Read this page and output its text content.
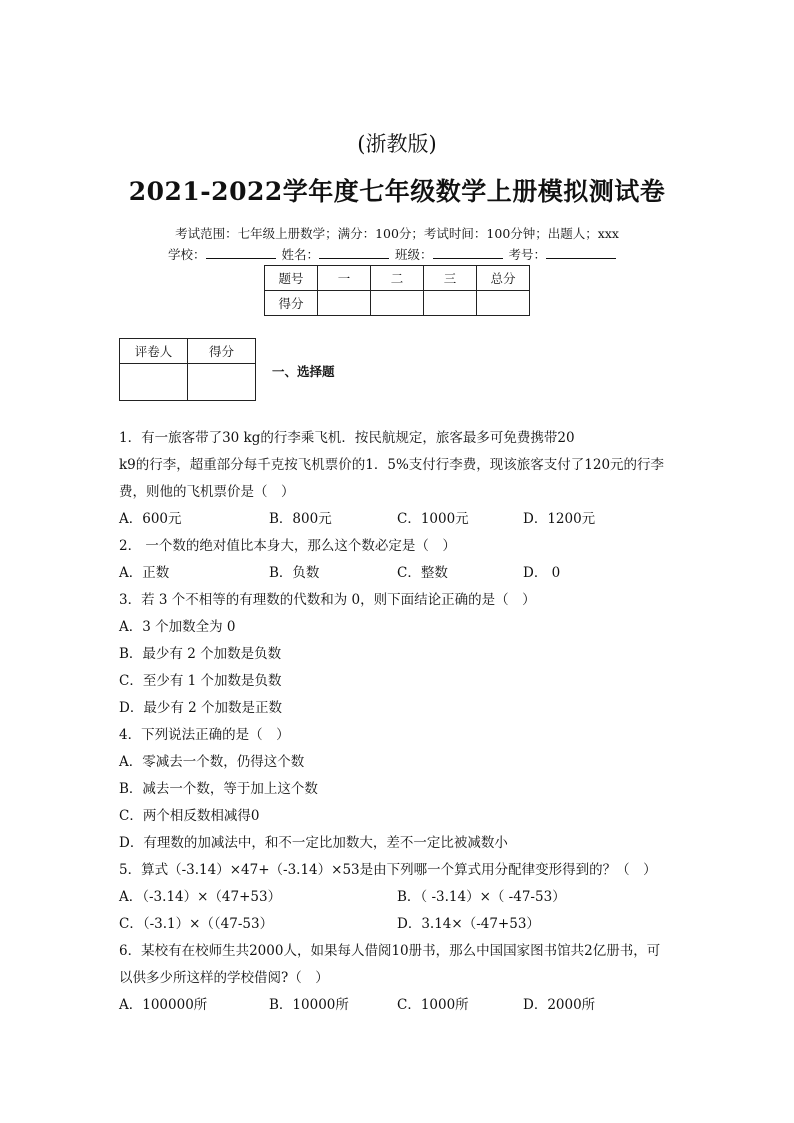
(浙教版)
2021-2022学年度七年级数学上册模拟测试卷
考试范围：七年级上册数学；满分：100分；考试时间：100分钟；出题人；xxx
学校：	姓名：	班级：	考号：
题号	一	二	三	总分
得分				
评卷人	得分

一、选择题
1．有一旅客带了30 kg的行李乘飞机．按民航规定，旅客最多可免费携带20
k9的行李，超重部分每千克按飞机票价的1．5%支付行李费，现该旅客支付了120元的行李
费，则他的飞机票价是（　）
A．600元	B．800元	C．1000元	D．1200元
2． 一个数的绝对值比本身大，那么这个数必定是（　）
A．正数	B．负数	C．整数	D． 0
3．若 3 个不相等的有理数的代数和为 0，则下面结论正确的是（　）
A．3 个加数全为 0
B．最少有 2 个加数是负数
C．至少有 1 个加数是负数
D．最少有 2 个加数是正数
4．下列说法正确的是（　）
A．零减去一个数，仍得这个数
B．减去一个数，等于加上这个数
C．两个相反数相减得0
D．有理数的加减法中，和不一定比加数大，差不一定比被减数小
5．算式（-3.14）×47+（-3.14）×53是由下列哪一个算式用分配律变形得到的？（　）
A．（-3.14）×（47+53）	B．（ -3.14）×（ -47-53）
C．（-3.1）×（（47-53）	D．3.14×（-47+53）
6．某校有在校师生共2000人，如果每人借阅10册书，那么中国国家图书馆共2亿册书，可
以供多少所这样的学校借阅?（　）
A．100000所	B．10000所	C．1000所	D．2000所
